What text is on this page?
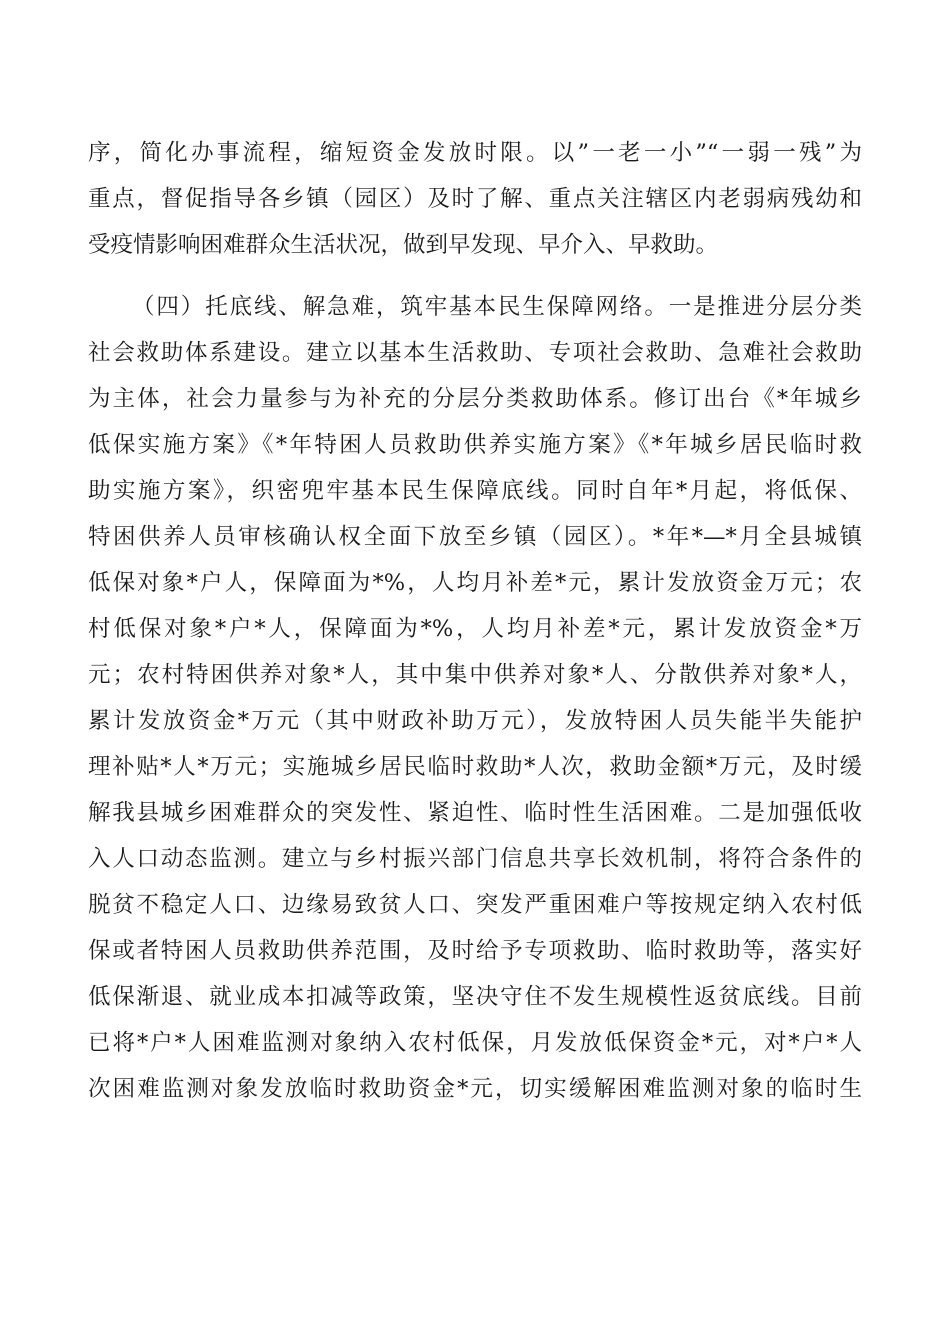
序，简化办事流程，缩短资金发放时限。以”一老一小”“一弱一残”为
重点，督促指导各乡镇（园区）及时了解、重点关注辖区内老弱病残幼和
受疫情影响困难群众生活状况，做到早发现、早介入、早救助。
（四）托底线、解急难，筑牢基本民生保障网络。一是推进分层分类
社会救助体系建设。建立以基本生活救助、专项社会救助、急难社会救助
为主体，社会力量参与为补充的分层分类救助体系。修订出台《*年城乡
低保实施方案》《*年特困人员救助供养实施方案》《*年城乡居民临时救
助实施方案》，织密兜牢基本民生保障底线。同时自年*月起，将低保、
特困供养人员审核确认权全面下放至乡镇（园区）。*年*—*月全县城镇
低保对象*户人，保障面为*%，人均月补差*元，累计发放资金万元；农
村低保对象*户*人，保障面为*%，人均月补差*元，累计发放资金*万
元；农村特困供养对象*人，其中集中供养对象*人、分散供养对象*人，
累计发放资金*万元（其中财政补助万元），发放特困人员失能半失能护
理补贴*人*万元；实施城乡居民临时救助*人次，救助金额*万元，及时缓
解我县城乡困难群众的突发性、紧迫性、临时性生活困难。二是加强低收
入人口动态监测。建立与乡村振兴部门信息共享长效机制，将符合条件的
脱贫不稳定人口、边缘易致贫人口、突发严重困难户等按规定纳入农村低
保或者特困人员救助供养范围，及时给予专项救助、临时救助等，落实好
低保渐退、就业成本扣减等政策，坚决守住不发生规模性返贫底线。目前
已将*户*人困难监测对象纳入农村低保，月发放低保资金*元，对*户*人
次困难监测对象发放临时救助资金*元，切实缓解困难监测对象的临时生
